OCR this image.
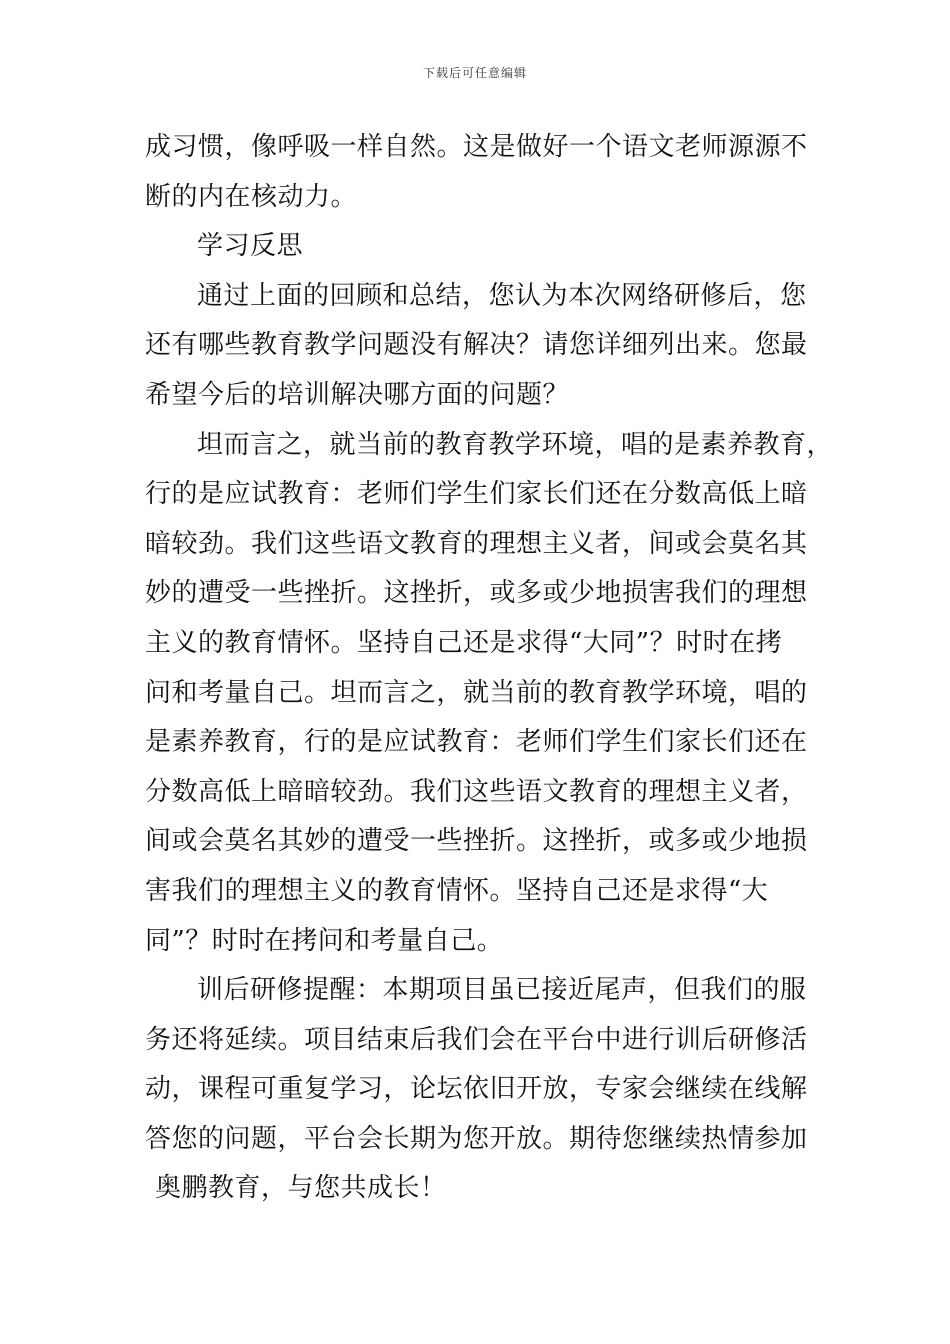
下载后可任意编辑
成习惯，像呼吸一样自然。这是做好一个语文老师源源不
断的内在核动力。
学习反思
通过上面的回顾和总结，您认为本次网络研修后，您
还有哪些教育教学问题没有解决？请您详细列出来。您最
希望今后的培训解决哪方面的问题？
坦而言之，就当前的教育教学环境，唱的是素养教育，
行的是应试教育：老师们学生们家长们还在分数高低上暗
暗较劲。我们这些语文教育的理想主义者，间或会莫名其
妙的遭受一些挫折。这挫折，或多或少地损害我们的理想
主义的教育情怀。坚持自己还是求得“大同”？时时在拷
问和考量自己。坦而言之，就当前的教育教学环境，唱的
是素养教育，行的是应试教育：老师们学生们家长们还在
分数高低上暗暗较劲。我们这些语文教育的理想主义者，
间或会莫名其妙的遭受一些挫折。这挫折，或多或少地损
害我们的理想主义的教育情怀。坚持自己还是求得“大
同”？时时在拷问和考量自己。
训后研修提醒：本期项目虽已接近尾声，但我们的服
务还将延续。项目结束后我们会在平台中进行训后研修活
动，课程可重复学习，论坛依旧开放，专家会继续在线解
答您的问题，平台会长期为您开放。期待您继续热情参加
奥鹏教育，与您共成长！
